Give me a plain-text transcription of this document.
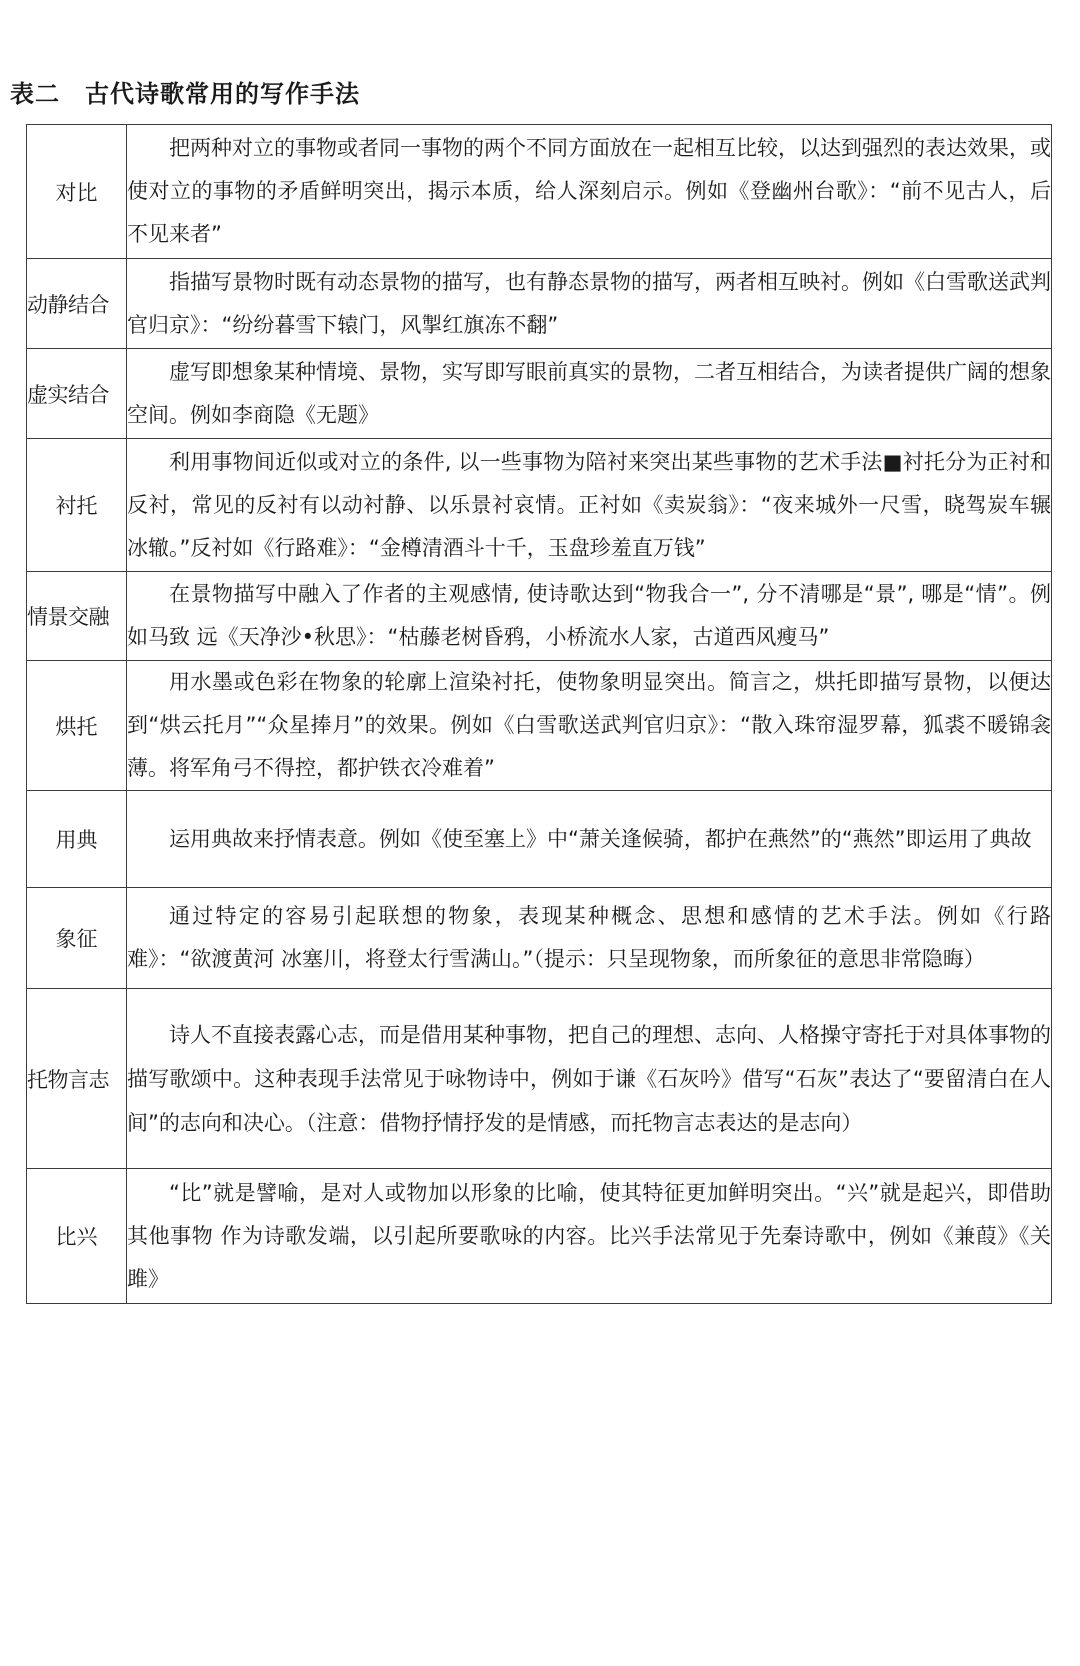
表二　古代诗歌常用的写作手法
对比	把两种对立的事物或者同一事物的两个不同方面放在一起相互比较，以达到强烈的表达效果，或使对立的事物的矛盾鲜明突出，揭示本质，给人深刻启示。例如《登幽州台歌》：“前不见古人，后不见来者”
动静结合	指描写景物时既有动态景物的描写，也有静态景物的描写，两者相互映衬。例如《白雪歌送武判官归京》：“纷纷暮雪下辕门，风掣红旗冻不翻”
虚实结合	虚写即想象某种情境、景物，实写即写眼前真实的景物，二者互相结合，为读者提供广阔的想象空间。例如李商隐《无题》
衬托	利用事物间近似或对立的条件, 以一些事物为陪衬来突出某些事物的艺术手法■衬托分为正衬和反衬，常见的反衬有以动衬静、以乐景衬哀情。正衬如《卖炭翁》：“夜来城外一尺雪，晓驾炭车辗冰辙。”反衬如《行路难》：“金樽清酒斗十千，玉盘珍羞直万钱”
情景交融	在景物描写中融入了作者的主观感情, 使诗歌达到“物我合一”, 分不清哪是“景”, 哪是“情”。例如马致 远《天净沙•秋思》：“枯藤老树昏鸦，小桥流水人家，古道西风瘦马”
烘托	用水墨或色彩在物象的轮廓上渲染衬托，使物象明显突出。简言之，烘托即描写景物，以便达到“烘云托月”“众星捧月”的效果。例如《白雪歌送武判官归京》：“散入珠帘湿罗幕，狐裘不暖锦衾薄。将军角弓不得控，都护铁衣冷难着”
用典	运用典故来抒情表意。例如《使至塞上》中“萧关逢候骑，都护在燕然”的“燕然”即运用了典故
象征	通过特定的容易引起联想的物象，表现某种概念、思想和感情的艺术手法。例如《行路难》：“欲渡黄河 冰塞川，将登太行雪满山。”（提示：只呈现物象，而所象征的意思非常隐晦）
托物言志	诗人不直接表露心志，而是借用某种事物，把自己的理想、志向、人格操守寄托于对具体事物的描写歌颂中。这种表现手法常见于咏物诗中，例如于谦《石灰吟》借写“石灰”表达了“要留清白在人间”的志向和决心。（注意：借物抒情抒发的是情感，而托物言志表达的是志向）
比兴	“比”就是譬喻，是对人或物加以形象的比喻，使其特征更加鲜明突出。“兴”就是起兴，即借助其他事物 作为诗歌发端，以引起所要歌咏的内容。比兴手法常见于先秦诗歌中，例如《兼葭》《关雎》
